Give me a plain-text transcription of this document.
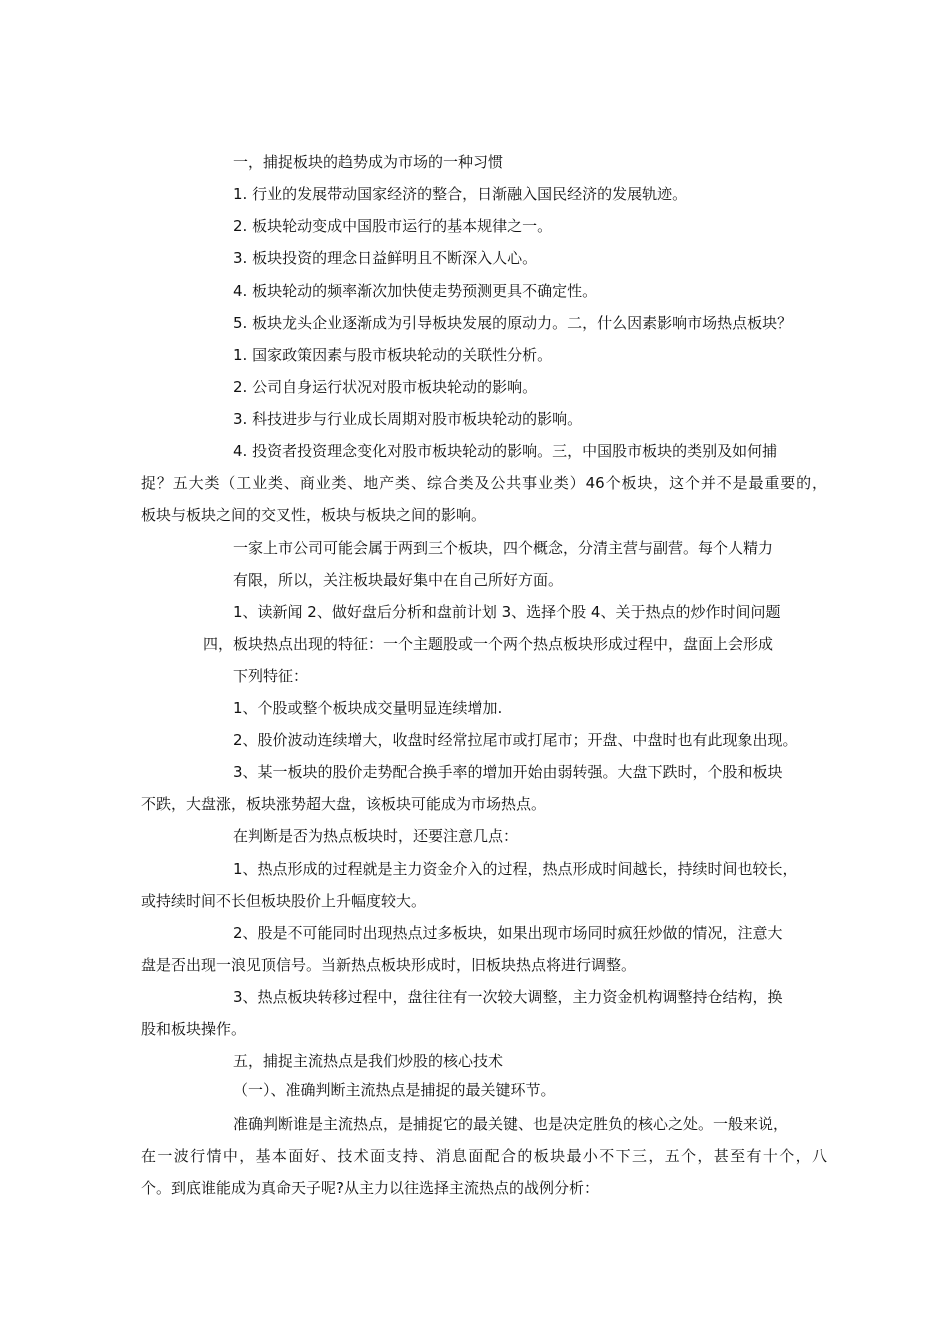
一，捕捉板块的趋势成为市场的一种习惯

1. 行业的发展带动国家经济的整合，日渐融入国民经济的发展轨迹。

2. 板块轮动变成中国股市运行的基本规律之一。

3. 板块投资的理念日益鲜明且不断深入人心。

4. 板块轮动的频率渐次加快使走势预测更具不确定性。

5. 板块龙头企业逐渐成为引导板块发展的原动力。二，什么因素影响市场热点板块？

1. 国家政策因素与股市板块轮动的关联性分析。

2. 公司自身运行状况对股市板块轮动的影响。

3. 科技进步与行业成长周期对股市板块轮动的影响。

4. 投资者投资理念变化对股市板块轮动的影响。三，中国股市板块的类别及如何捕

捉？五大类（工业类、商业类、地产类、综合类及公共事业类）46个板块，这个并不是最重要的，

板块与板块之间的交叉性，板块与板块之间的影响。

一家上市公司可能会属于两到三个板块，四个概念，分清主营与副营。每个人精力

有限，所以，关注板块最好集中在自己所好方面。

1、读新闻 2、做好盘后分析和盘前计划 3、选择个股 4、关于热点的炒作时间问题

四，板块热点出现的特征：一个主题股或一个两个热点板块形成过程中，盘面上会形成

下列特征：

1、个股或整个板块成交量明显连续增加.

2、股价波动连续增大，收盘时经常拉尾市或打尾市；开盘、中盘时也有此现象出现。

3、某一板块的股价走势配合换手率的增加开始由弱转强。大盘下跌时，个股和板块

不跌，大盘涨，板块涨势超大盘，该板块可能成为市场热点。

在判断是否为热点板块时，还要注意几点：

1、热点形成的过程就是主力资金介入的过程，热点形成时间越长，持续时间也较长，

或持续时间不长但板块股价上升幅度较大。

2、股是不可能同时出现热点过多板块，如果出现市场同时疯狂炒做的情况，注意大

盘是否出现一浪见顶信号。当新热点板块形成时，旧板块热点将进行调整。

3、热点板块转移过程中，盘往往有一次较大调整，主力资金机构调整持仓结构，换

股和板块操作。

五，捕捉主流热点是我们炒股的核心技术

（一）、准确判断主流热点是捕捉的最关键环节。

准确判断谁是主流热点，是捕捉它的最关键、也是决定胜负的核心之处。一般来说，

在一波行情中，基本面好、技术面支持、消息面配合的板块最小不下三，五个，甚至有十个，八

个。到底谁能成为真命天子呢?从主力以往选择主流热点的战例分析：
